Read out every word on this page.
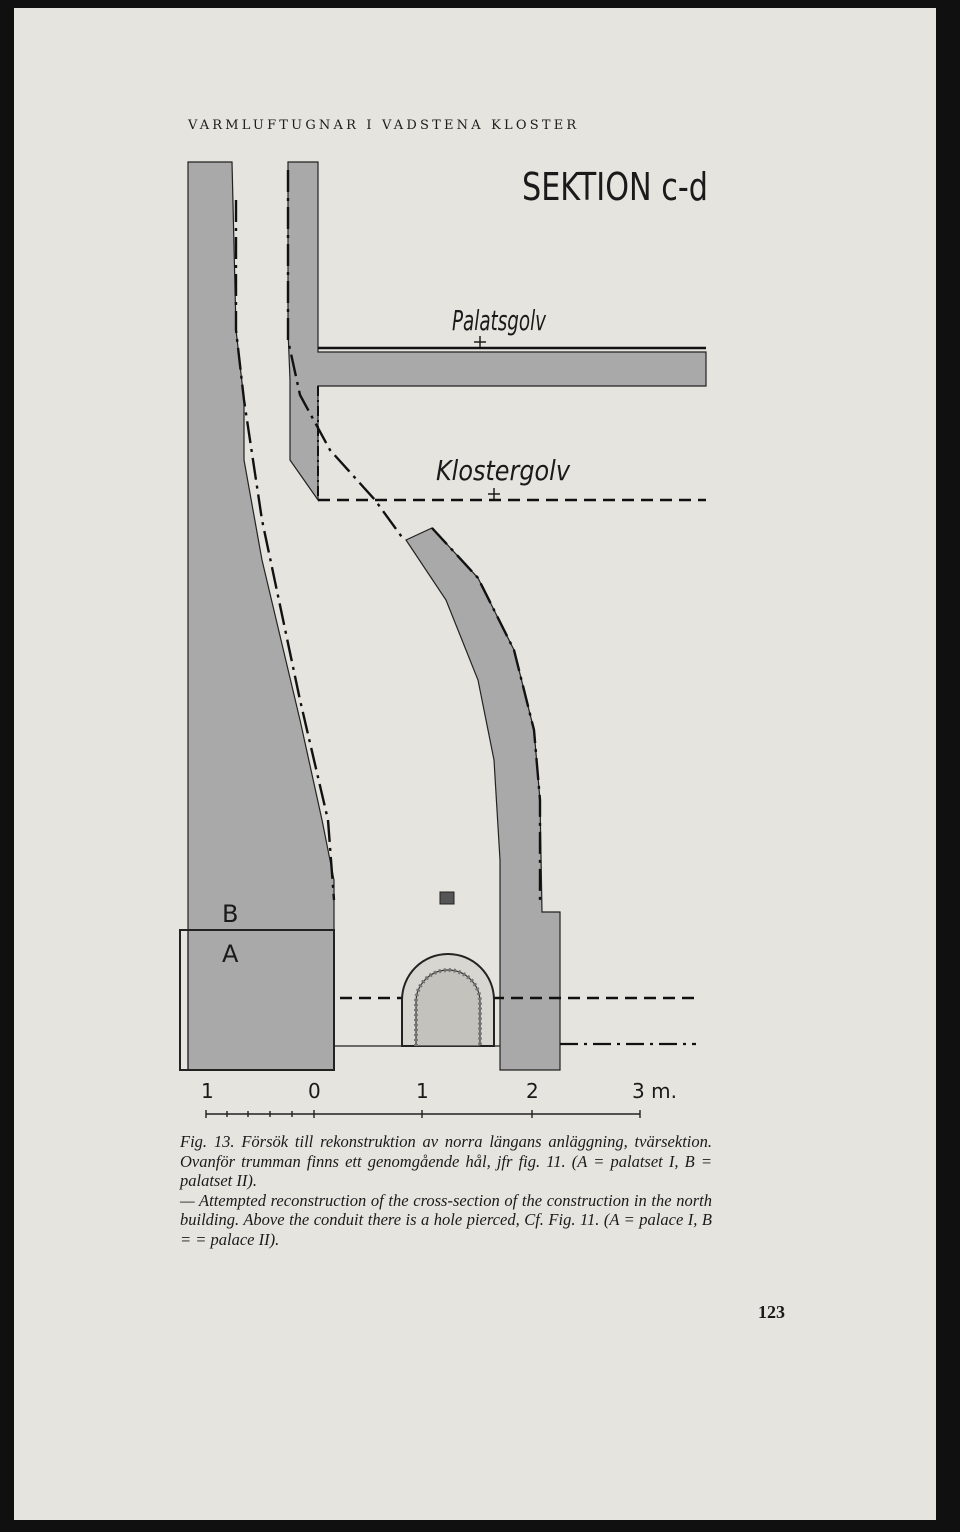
VARMLUFTUGNAR I VADSTENA KLOSTER
SEKTION c-d
Palatsgolv
Klostergolv
B
A
1	0	1	2	3 m.

Fig. 13. Försök till rekonstruktion av norra längans anläggning, tvärsektion. Ovanför trumman finns ett genomgående hål, jfr fig. 11. (A = palatset I, B = palatset II).

— Attempted reconstruction of the cross-section of the construction in the north building. Above the conduit there is a hole pierced, Cf. Fig. 11. (A = palace I, B = = palace II).

123
